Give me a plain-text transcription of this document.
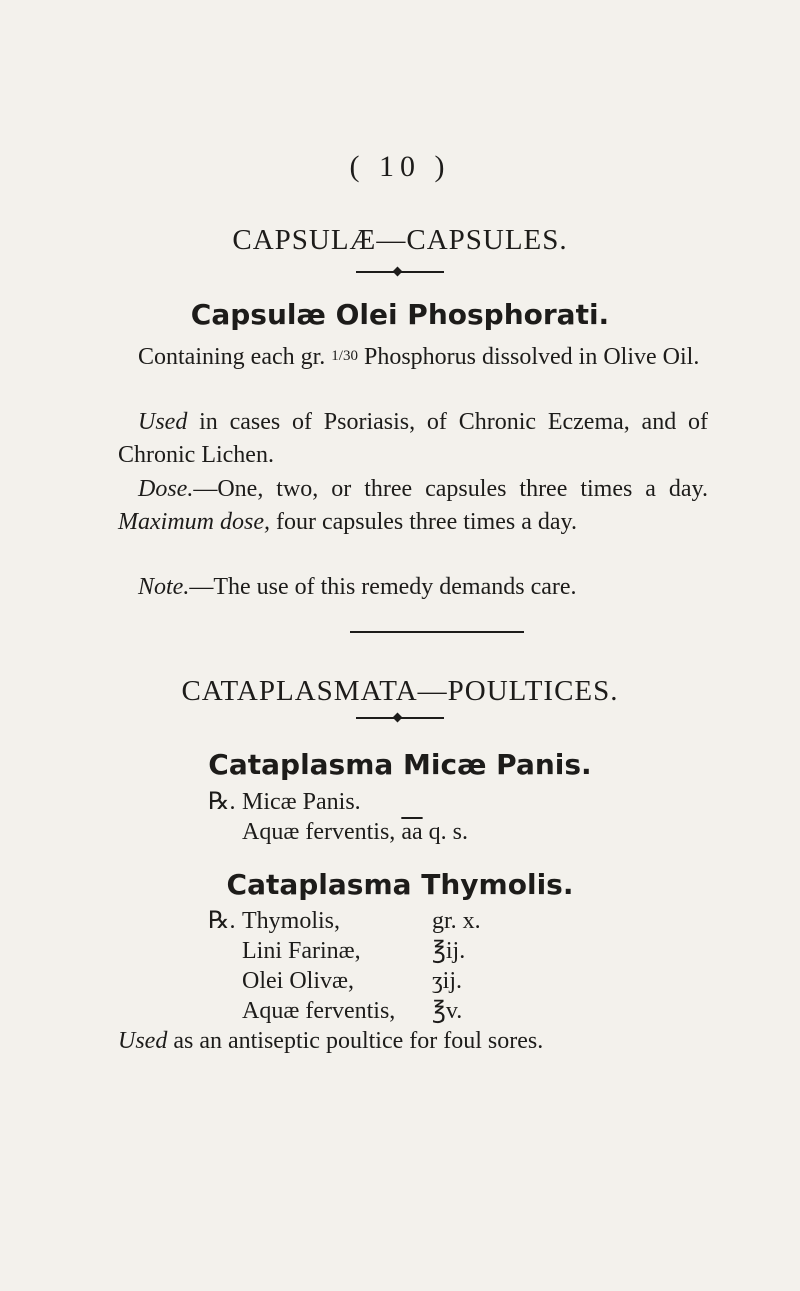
( 10 )
CAPSULÆ—CAPSULES.
Capsulæ Olei Phosphorati.

Containing each gr. 1/30 Phosphorus dissolved in Olive Oil.

Used in cases of Psoriasis, of Chronic Eczema, and of Chronic Lichen.

Dose.—One, two, or three capsules three times a day. Maximum dose, four capsules three times a day.

Note.—The use of this remedy demands care.

CATAPLASMATA—POULTICES.
Cataplasma Micæ Panis.
℞. Micæ Panis.
Aquæ ferventis, $\overline{aa}$ q. s.
Cataplasma Thymolis.
℞. Thymolis,	gr. x.
Lini Farinæ,	℥ij.
Olei Olivæ,	ʒij.
Aquæ ferventis,	℥v.

Used as an antiseptic poultice for foul sores.
